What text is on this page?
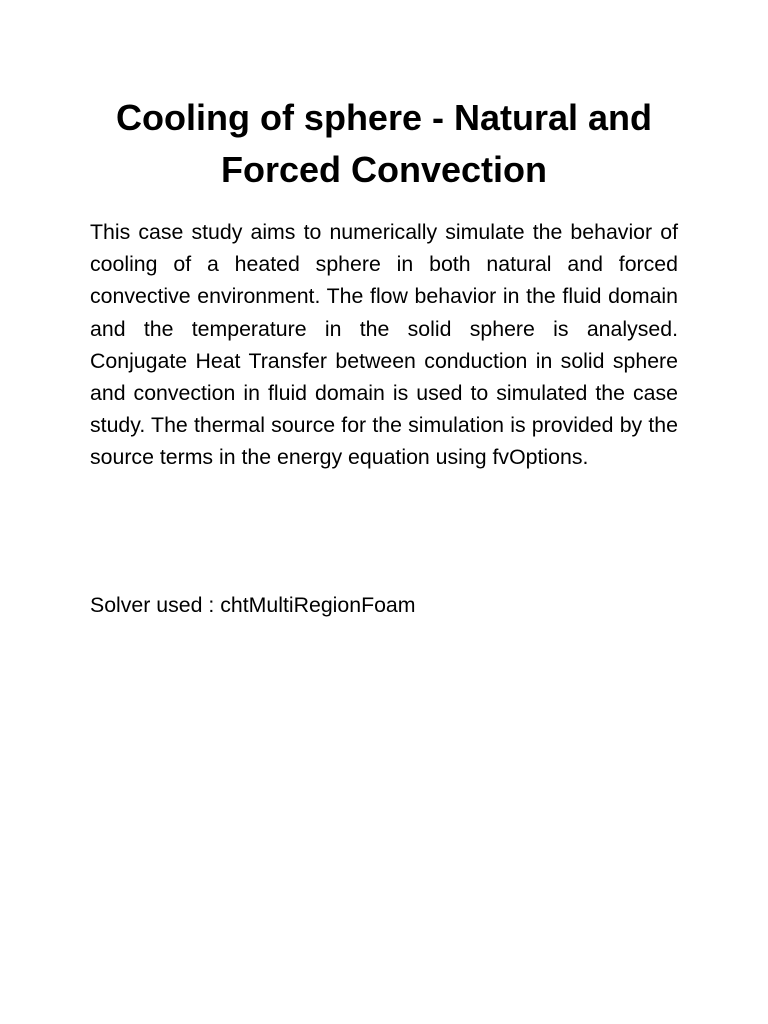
Cooling of sphere - Natural and Forced Convection

This case study aims to numerically simulate the behavior of cooling of a heated sphere in both natural and forced convective environment. The flow behavior in the fluid domain and the temperature in the solid sphere is analysed. Conjugate Heat Transfer between conduction in solid sphere and convection in fluid domain is used to simulated the case study. The thermal source for the simulation is provided by the source terms in the energy equation using fvOptions.

Solver used : chtMultiRegionFoam
